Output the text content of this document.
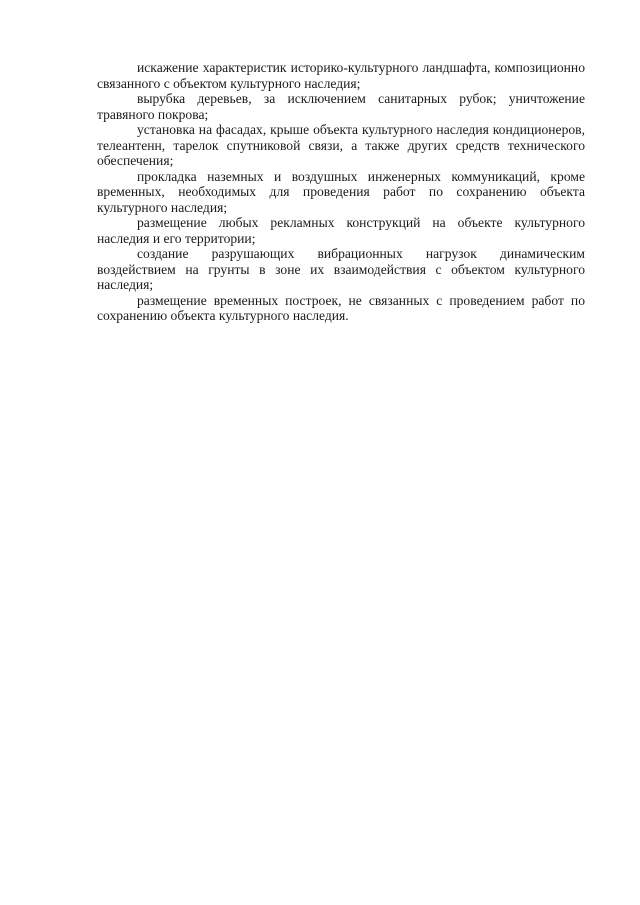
искажение характеристик историко-культурного ландшафта, композиционно связанного с объектом культурного наследия;

вырубка деревьев, за исключением санитарных рубок; уничтожение травяного покрова;

установка на фасадах, крыше объекта культурного наследия кондиционеров, телеантенн, тарелок спутниковой связи, а также других средств технического обеспечения;

прокладка наземных и воздушных инженерных коммуникаций, кроме временных, необходимых для проведения работ по сохранению объекта культурного наследия;

размещение любых рекламных конструкций на объекте культурного наследия и его территории;

создание разрушающих вибрационных нагрузок динамическим воздействием на грунты в зоне их взаимодействия с объектом культурного наследия;

размещение временных построек, не связанных с проведением работ по сохранению объекта культурного наследия.
